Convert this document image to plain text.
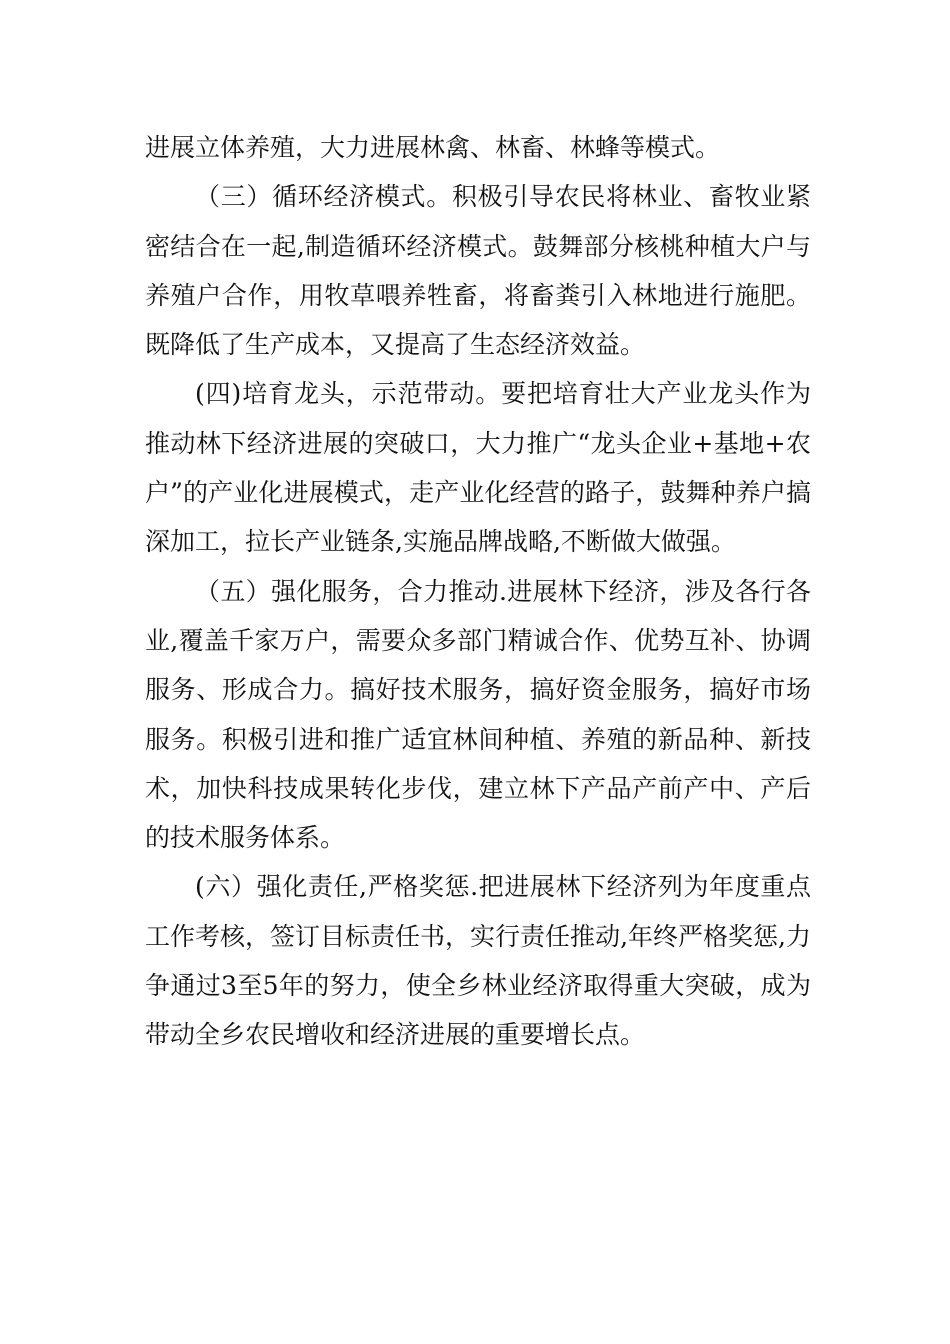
进展立体养殖，大力进展林禽、林畜、林蜂等模式。

（三）循环经济模式。积极引导农民将林业、畜牧业紧密结合在一起,制造循环经济模式。鼓舞部分核桃种植大户与养殖户合作，用牧草喂养牲畜，将畜粪引入林地进行施肥。既降低了生产成本，又提高了生态经济效益。

(四)培育龙头，示范带动。要把培育壮大产业龙头作为推动林下经济进展的突破口，大力推广“龙头企业+基地+农户”的产业化进展模式，走产业化经营的路子，鼓舞种养户搞深加工，拉长产业链条,实施品牌战略,不断做大做强。

（五）强化服务，合力推动.进展林下经济，涉及各行各业,覆盖千家万户，需要众多部门精诚合作、优势互补、协调服务、形成合力。搞好技术服务，搞好资金服务，搞好市场服务。积极引进和推广适宜林间种植、养殖的新品种、新技术，加快科技成果转化步伐，建立林下产品产前产中、产后的技术服务体系。

(六）强化责任,严格奖惩.把进展林下经济列为年度重点工作考核，签订目标责任书，实行责任推动,年终严格奖惩,力争通过3至5年的努力，使全乡林业经济取得重大突破，成为带动全乡农民增收和经济进展的重要增长点。
